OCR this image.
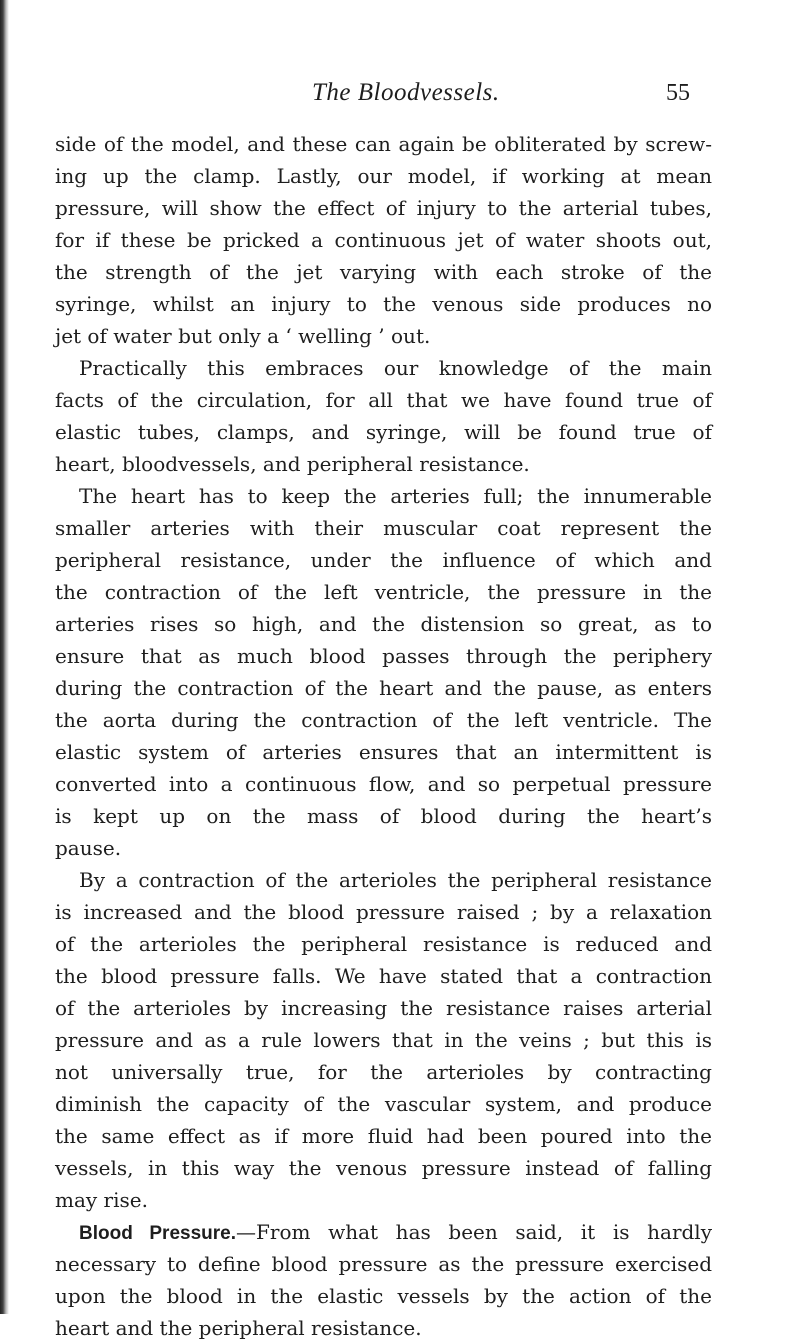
The Bloodvessels.	55
side of the model, and these can again be obliterated by screw-
ing up the clamp. Lastly, our model, if working at mean
pressure, will show the effect of injury to the arterial tubes,
for if these be pricked a continuous jet of water shoots out,
the strength of the jet varying with each stroke of the
syringe, whilst an injury to the venous side produces no
jet of water but only a ‘ welling ’ out.
Practically this embraces our knowledge of the main
facts of the circulation, for all that we have found true of
elastic tubes, clamps, and syringe, will be found true of
heart, bloodvessels, and peripheral resistance.
The heart has to keep the arteries full; the innumerable
smaller arteries with their muscular coat represent the
peripheral resistance, under the influence of which and
the contraction of the left ventricle, the pressure in the
arteries rises so high, and the distension so great, as to
ensure that as much blood passes through the periphery
during the contraction of the heart and the pause, as enters
the aorta during the contraction of the left ventricle. The
elastic system of arteries ensures that an intermittent is
converted into a continuous flow, and so perpetual pressure
is kept up on the mass of blood during the heart’s
pause.
By a contraction of the arterioles the peripheral resistance
is increased and the blood pressure raised ; by a relaxation
of the arterioles the peripheral resistance is reduced and
the blood pressure falls. We have stated that a contraction
of the arterioles by increasing the resistance raises arterial
pressure and as a rule lowers that in the veins ; but this is
not universally true, for the arterioles by contracting
diminish the capacity of the vascular system, and produce
the same effect as if more fluid had been poured into the
vessels, in this way the venous pressure instead of falling
may rise.
Blood Pressure.—From what has been said, it is hardly
necessary to define blood pressure as the pressure exercised
upon the blood in the elastic vessels by the action of the
heart and the peripheral resistance.
